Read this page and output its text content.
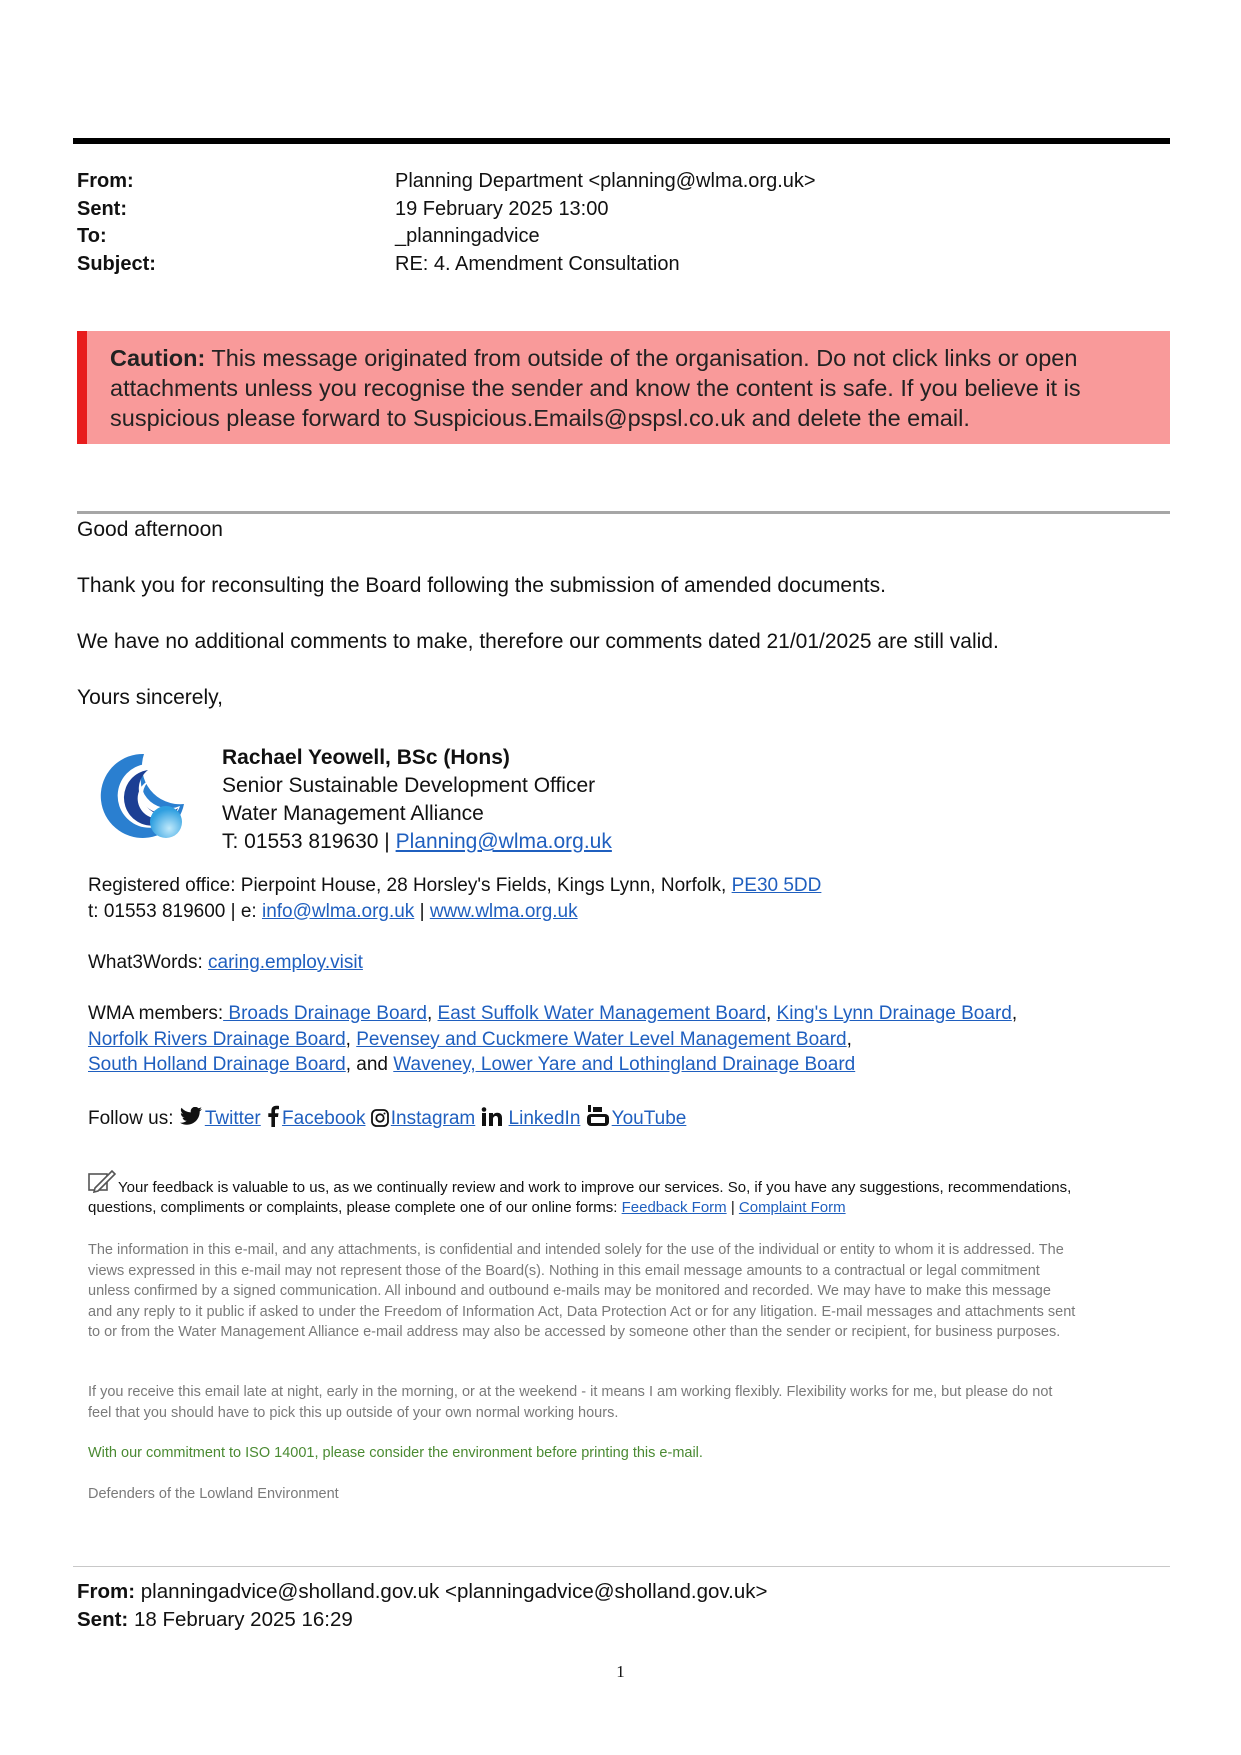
From:	Planning Department <planning@wlma.org.uk>
Sent:	19 February 2025 13:00
To:	_planningadvice
Subject:	RE: 4. Amendment Consultation
Caution: This message originated from outside of the organisation. Do not click links or open attachments unless you recognise the sender and know the content is safe. If you believe it is suspicious please forward to Suspicious.Emails@pspsl.co.uk and delete the email.
Good afternoon
Thank you for reconsulting the Board following the submission of amended documents.
We have no additional comments to make, therefore our comments dated 21/01/2025 are still valid.
Yours sincerely,
Rachael Yeowell, BSc (Hons)
Senior Sustainable Development Officer
Water Management Alliance
T: 01553 819630 | Planning@wlma.org.uk
Registered office: Pierpoint House, 28 Horsley's Fields, Kings Lynn, Norfolk, PE30 5DD
t: 01553 819600 | e: info@wlma.org.uk | www.wlma.org.uk
What3Words: caring.employ.visit
WMA members: Broads Drainage Board, East Suffolk Water Management Board, King's Lynn Drainage Board,
Norfolk Rivers Drainage Board, Pevensey and Cuckmere Water Level Management Board,
South Holland Drainage Board, and Waveney, Lower Yare and Lothingland Drainage Board
Follow us: Twitter Facebook Instagram LinkedIn YouTube
Your feedback is valuable to us, as we continually review and work to improve our services. So, if you have any suggestions, recommendations, questions, compliments or complaints, please complete one of our online forms: Feedback Form | Complaint Form
The information in this e-mail, and any attachments, is confidential and intended solely for the use of the individual or entity to whom it is addressed. The views expressed in this e-mail may not represent those of the Board(s). Nothing in this email message amounts to a contractual or legal commitment unless confirmed by a signed communication. All inbound and outbound e-mails may be monitored and recorded. We may have to make this message and any reply to it public if asked to under the Freedom of Information Act, Data Protection Act or for any litigation. E-mail messages and attachments sent to or from the Water Management Alliance e-mail address may also be accessed by someone other than the sender or recipient, for business purposes.
If you receive this email late at night, early in the morning, or at the weekend - it means I am working flexibly. Flexibility works for me, but please do not feel that you should have to pick this up outside of your own normal working hours.
With our commitment to ISO 14001, please consider the environment before printing this e-mail.
Defenders of the Lowland Environment
From: planningadvice@sholland.gov.uk <planningadvice@sholland.gov.uk>
Sent: 18 February 2025 16:29
1
